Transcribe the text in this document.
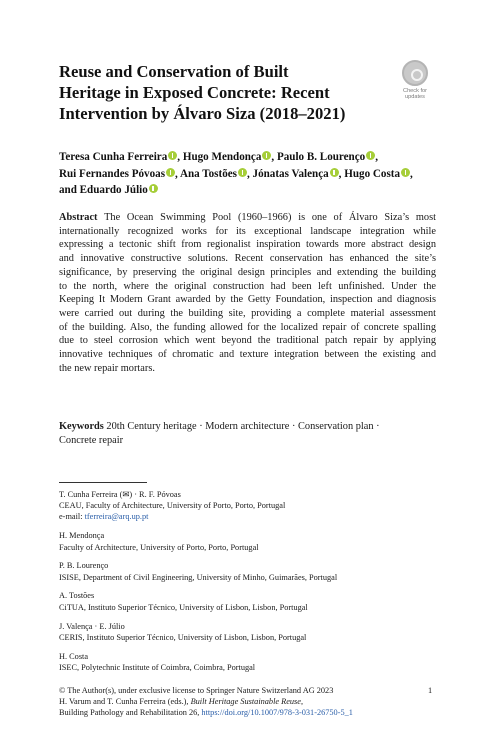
Reuse and Conservation of Built
Heritage in Exposed Concrete: Recent
Intervention by Álvaro Siza (2018–2021)
Check for
updates
Teresa Cunha Ferreira , Hugo Mendonça , Paulo B. Lourenço ,
Rui Fernandes Póvoas , Ana Tostões , Jónatas Valença , Hugo Costa ,
and Eduardo Júlio
Abstract The Ocean Swimming Pool (1960–1966) is one of Álvaro Siza’s most
internationally recognized works for its exceptional landscape integration while
expressing a tectonic shift from regionalist inspiration towards more abstract design
and innovative constructive solutions. Recent conservation has enhanced the site’s
significance, by preserving the original design principles and extending the building
to the north, where the original construction had been left unfinished. Under the
Keeping It Modern Grant awarded by the Getty Foundation, inspection and diagnosis
were carried out during the building site, providing a complete material assessment
of the building. Also, the funding allowed for the localized repair of concrete spalling
due to steel corrosion which went beyond the traditional patch repair by applying
innovative techniques of chromatic and texture integration between the existing and
the new repair mortars.
Keywords 20th Century heritage · Modern architecture · Conservation plan ·
Concrete repair
T. Cunha Ferreira (✉) · R. F. Póvoas
CEAU, Faculty of Architecture, University of Porto, Porto, Portugal
e-mail: tferreira@arq.up.pt
H. Mendonça
Faculty of Architecture, University of Porto, Porto, Portugal
P. B. Lourenço
ISISE, Department of Civil Engineering, University of Minho, Guimarães, Portugal
A. Tostões
CiTUA, Instituto Superior Técnico, University of Lisbon, Lisbon, Portugal
J. Valença · E. Júlio
CERIS, Instituto Superior Técnico, University of Lisbon, Lisbon, Portugal
H. Costa
ISEC, Polytechnic Institute of Coimbra, Coimbra, Portugal
© The Author(s), under exclusive license to Springer Nature Switzerland AG 2023
H. Varum and T. Cunha Ferreira (eds.), Built Heritage Sustainable Reuse,
Building Pathology and Rehabilitation 26, https://doi.org/10.1007/978-3-031-26750-5_1
1
